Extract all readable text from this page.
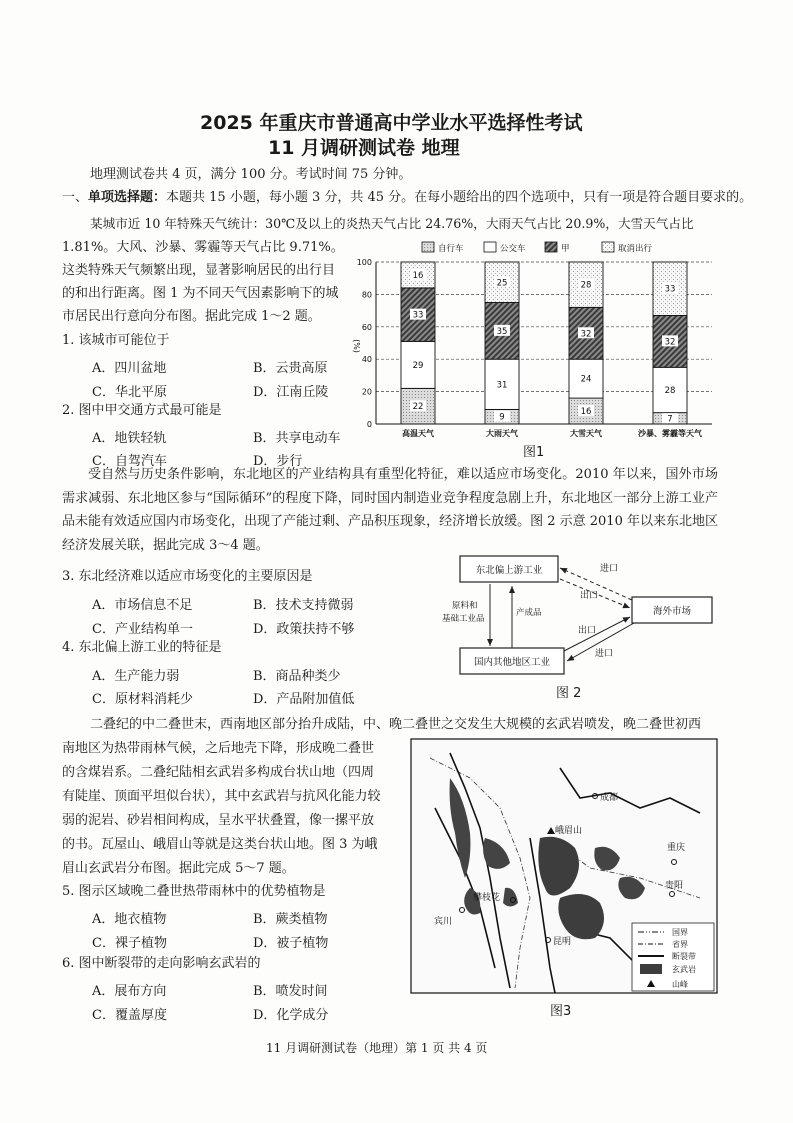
2025 年重庆市普通高中学业水平选择性考试
11 月调研测试卷 地理
地理测试卷共 4 页，满分 100 分。考试时间 75 分钟。
一、单项选择题：本题共 15 小题，每小题 3 分，共 45 分。在每小题给出的四个选项中，只有一项是符合题目要求的。
某城市近 10 年特殊天气统计：30℃及以上的炎热天气占比 24.76%，大雨天气占比 20.9%，大雪天气占比
1.81%。大风、沙暴、雾霾等天气占比 9.71%。
这类特殊天气频繁出现，显著影响居民的出行目
的和出行距离。图 1 为不同天气因素影响下的城
市居民出行意向分布图。据此完成 1～2 题。
1. 该城市可能位于
A．四川盆地	B．云贵高原
C．华北平原	D．江南丘陵
2. 图中甲交通方式最可能是
A．地铁轻轨	B．共享电动车
C．自驾汽车	D．步行
22
29
33
16
9
31
35
25
16
24
32
28
7
28
32
33
0
20
40
60
80
100
(%)
高温天气	大雨天气	大雪天气	沙暴、雾霾等天气
自行车	公交车	甲	取消出行
图1
受自然与历史条件影响，东北地区的产业结构具有重型化特征，难以适应市场变化。2010 年以来，国外市场需求减弱、东北地区参与“国际循环”的程度下降，同时国内制造业竞争程度急剧上升，东北地区一部分上游工业产品未能有效适应国内市场变化，出现了产能过剩、产品积压现象，经济增长放缓。图 2 示意 2010 年以来东北地区经济发展关联，据此完成 3～4 题。
3. 东北经济难以适应市场变化的主要原因是
A．市场信息不足	B．技术支持微弱
C．产业结构单一	D．政策扶持不够
4. 东北偏上游工业的特征是
A．生产能力弱	B．商品种类少
C．原材料消耗少	D．产品附加值低
东北偏上游工业
海外市场
国内其他地区工业
进口
出口
出口
进口
原料和
基础工业品
产成品
图 2
二叠纪的中二叠世末，西南地区部分抬升成陆，中、晚二叠世之交发生大规模的玄武岩喷发，晚二叠世初西
南地区为热带雨林气候，之后地壳下降，形成晚二叠世
的含煤岩系。二叠纪陆相玄武岩多构成台状山地（四周
有陡崖、顶面平坦似台状），其中玄武岩与抗风化能力较
弱的泥岩、砂岩相间构成，呈水平状叠置，像一摞平放
的书。瓦屋山、峨眉山等就是这类台状山地。图 3 为峨
眉山玄武岩分布图。据此完成 5～7 题。
5. 图示区域晚二叠世热带雨林中的优势植物是
A．地衣植物	B．蕨类植物
C．裸子植物	D．被子植物
6. 图中断裂带的走向影响玄武岩的
A．展布方向	B．喷发时间
C．覆盖厚度	D．化学成分
成都
峨眉山
重庆
贵阳
攀枝花
宾川
昆明
国界
省界
断裂带
玄武岩
山峰
图3
11 月调研测试卷（地理）第 1 页 共 4 页
